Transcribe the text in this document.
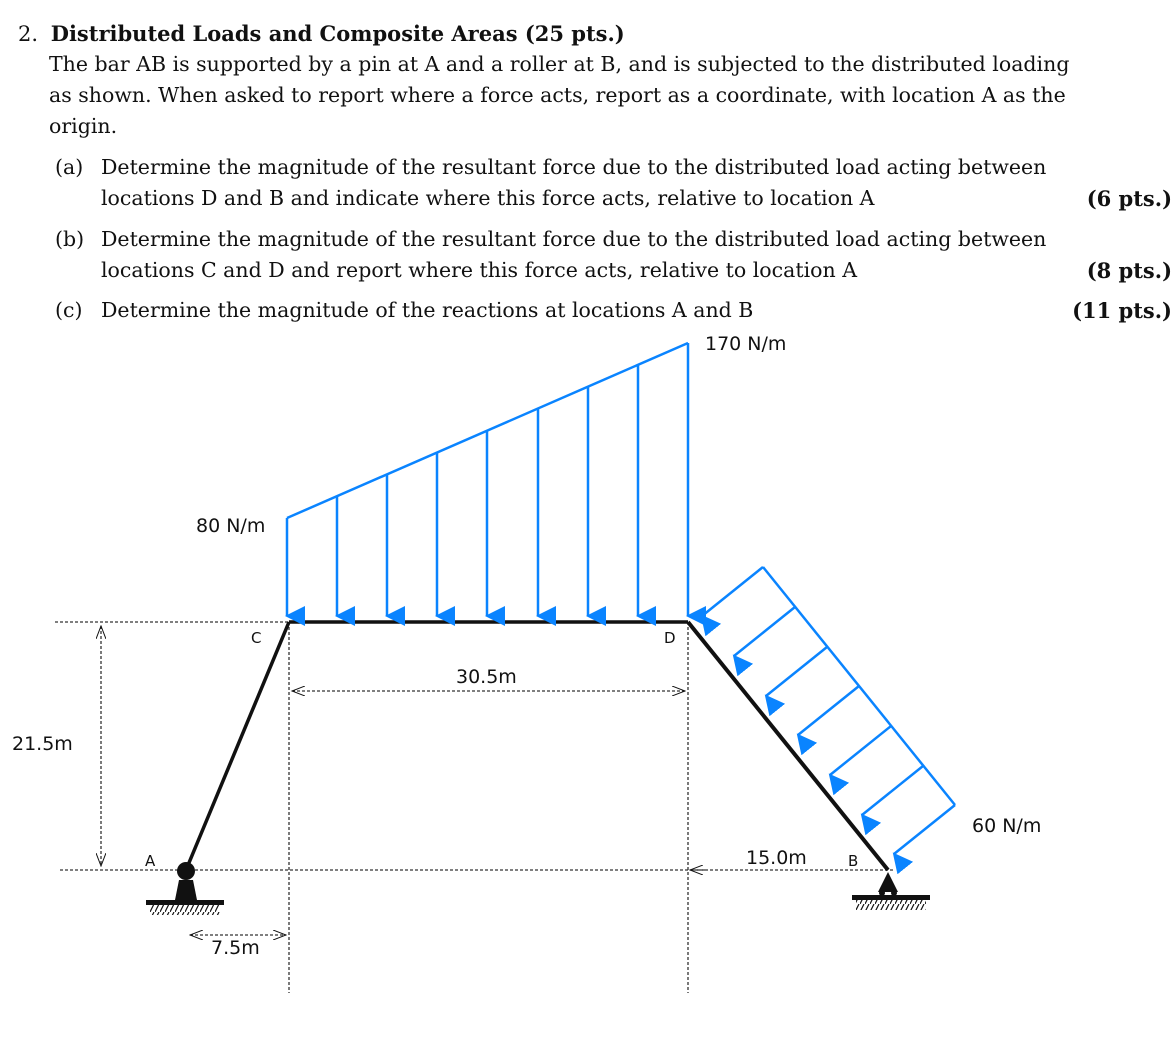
2. Distributed Loads and Composite Areas (25 pts.)
The bar AB is supported by a pin at A and a roller at B, and is subjected to the distributed loading as shown. When asked to report where a force acts, report as a coordinate, with location A as the origin.
(a) Determine the magnitude of the resultant force due to the distributed load acting between locations D and B and indicate where this force acts, relative to location A	(6 pts.)
(b) Determine the magnitude of the resultant force due to the distributed load acting between locations C and D and report where this force acts, relative to location A	(8 pts.)
(c) Determine the magnitude of the reactions at locations A and B	(11 pts.)
80 N/m
170 N/m
60 N/m
21.5m
30.5m
15.0m
7.5m
A	B
C	D
